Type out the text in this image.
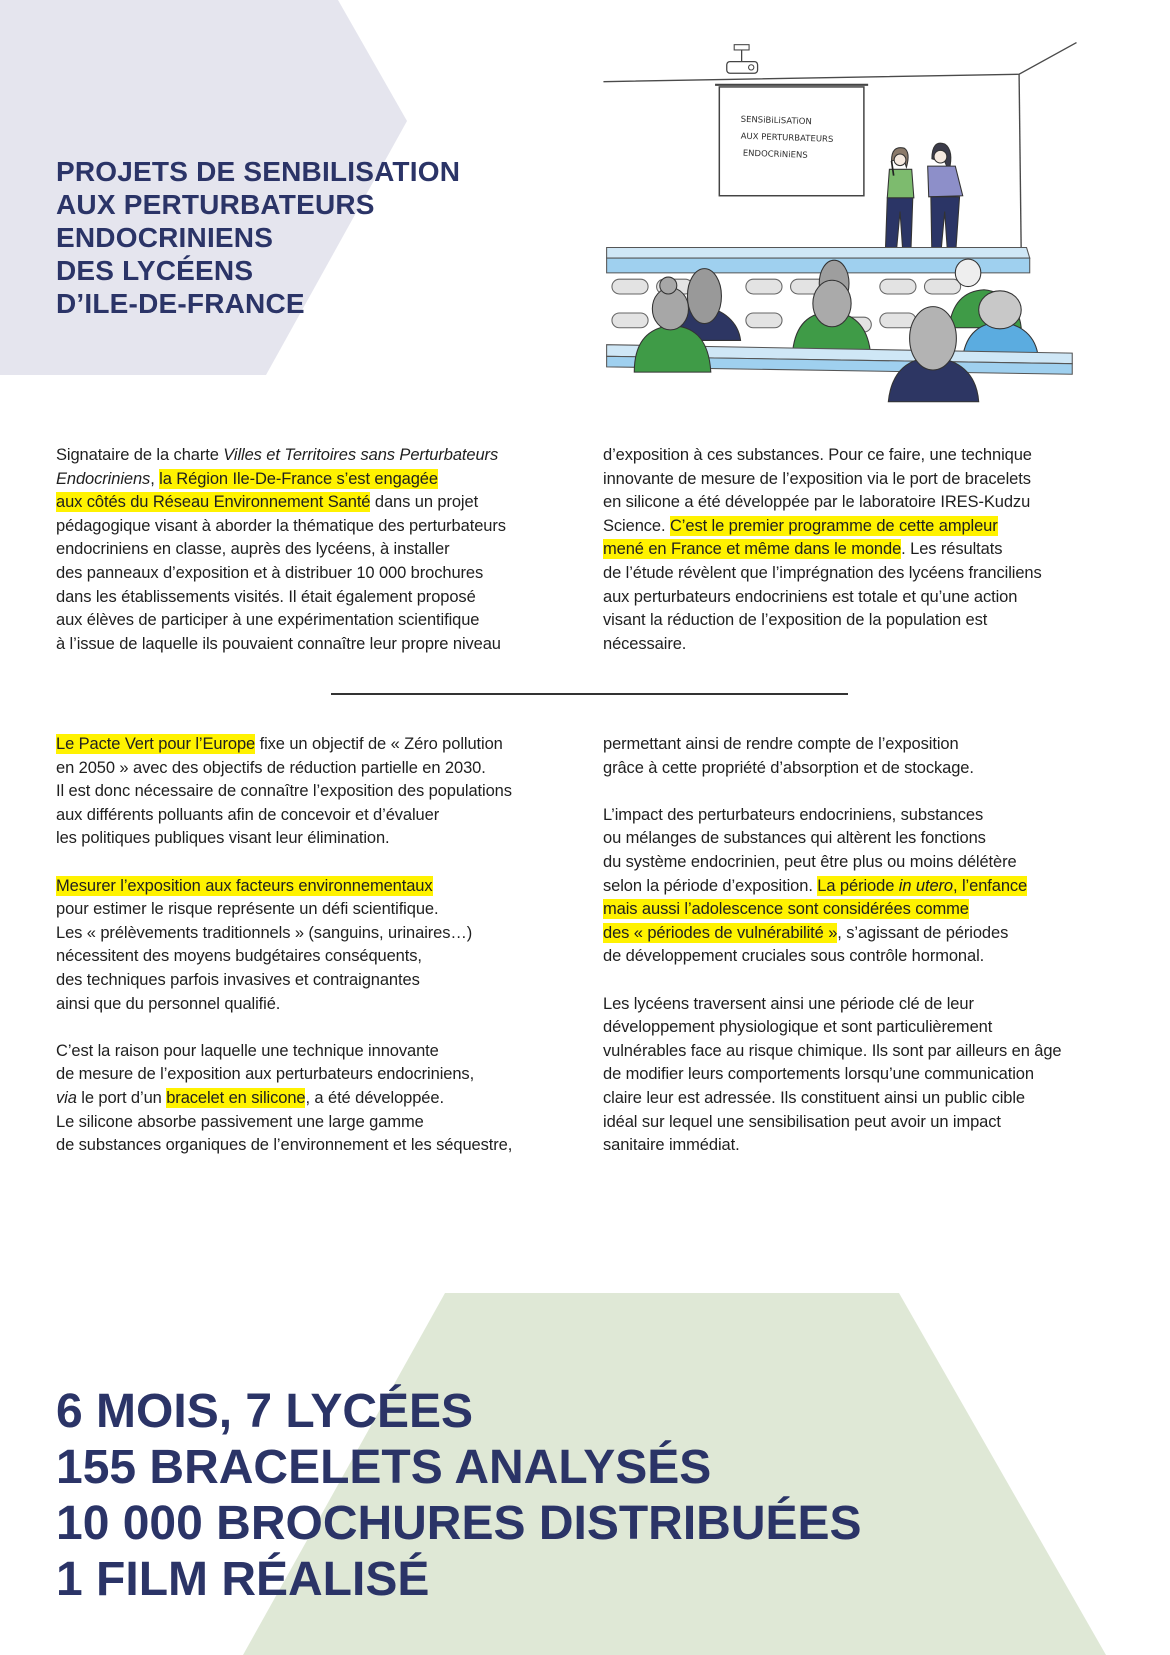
PROJETS DE SENBILISATION
AUX PERTURBATEURS
ENDOCRINIENS
DES LYCÉENS
D’ILE-DE-FRANCE
SENSiBiLiSATiON
AUX PERTURBATEURS
ENDOCRiNiENS
Signataire de la charte Villes et Territoires sans Perturbateurs
Endocriniens, la Région Ile-De-France s’est engagée
aux côtés du Réseau Environnement Santé dans un projet
pédagogique visant à aborder la thématique des perturbateurs
endocriniens en classe, auprès des lycéens, à installer
des panneaux d’exposition et à distribuer 10 000 brochures
dans les établissements visités. Il était également proposé
aux élèves de participer à une expérimentation scientifique
à l’issue de laquelle ils pouvaient connaître leur propre niveau
d’exposition à ces substances. Pour ce faire, une technique
innovante de mesure de l’exposition via le port de bracelets
en silicone a été développée par le laboratoire IRES-Kudzu
Science. C’est le premier programme de cette ampleur
mené en France et même dans le monde. Les résultats
de l’étude révèlent que l’imprégnation des lycéens franciliens
aux perturbateurs endocriniens est totale et qu’une action
visant la réduction de l’exposition de la population est
nécessaire.
Le Pacte Vert pour l’Europe fixe un objectif de « Zéro pollution
en 2050 » avec des objectifs de réduction partielle en 2030.
Il est donc nécessaire de connaître l’exposition des populations
aux différents polluants afin de concevoir et d’évaluer
les politiques publiques visant leur élimination.
Mesurer l’exposition aux facteurs environnementaux
pour estimer le risque représente un défi scientifique.
Les « prélèvements traditionnels » (sanguins, urinaires…)
nécessitent des moyens budgétaires conséquents,
des techniques parfois invasives et contraignantes
ainsi que du personnel qualifié.
C’est la raison pour laquelle une technique innovante
de mesure de l’exposition aux perturbateurs endocriniens,
via le port d’un bracelet en silicone, a été développée.
Le silicone absorbe passivement une large gamme
de substances organiques de l’environnement et les séquestre,
permettant ainsi de rendre compte de l’exposition
grâce à cette propriété d’absorption et de stockage.
L’impact des perturbateurs endocriniens, substances
ou mélanges de substances qui altèrent les fonctions
du système endocrinien, peut être plus ou moins délétère
selon la période d’exposition. La période in utero, l’enfance
mais aussi l’adolescence sont considérées comme
des « périodes de vulnérabilité », s’agissant de périodes
de développement cruciales sous contrôle hormonal.
Les lycéens traversent ainsi une période clé de leur
développement physiologique et sont particulièrement
vulnérables face au risque chimique. Ils sont par ailleurs en âge
de modifier leurs comportements lorsqu’une communication
claire leur est adressée. Ils constituent ainsi un public cible
idéal sur lequel une sensibilisation peut avoir un impact
sanitaire immédiat.
6 MOIS, 7 LYCÉES
155 BRACELETS ANALYSÉS
10 000 BROCHURES DISTRIBUÉES
1 FILM RÉALISÉ
